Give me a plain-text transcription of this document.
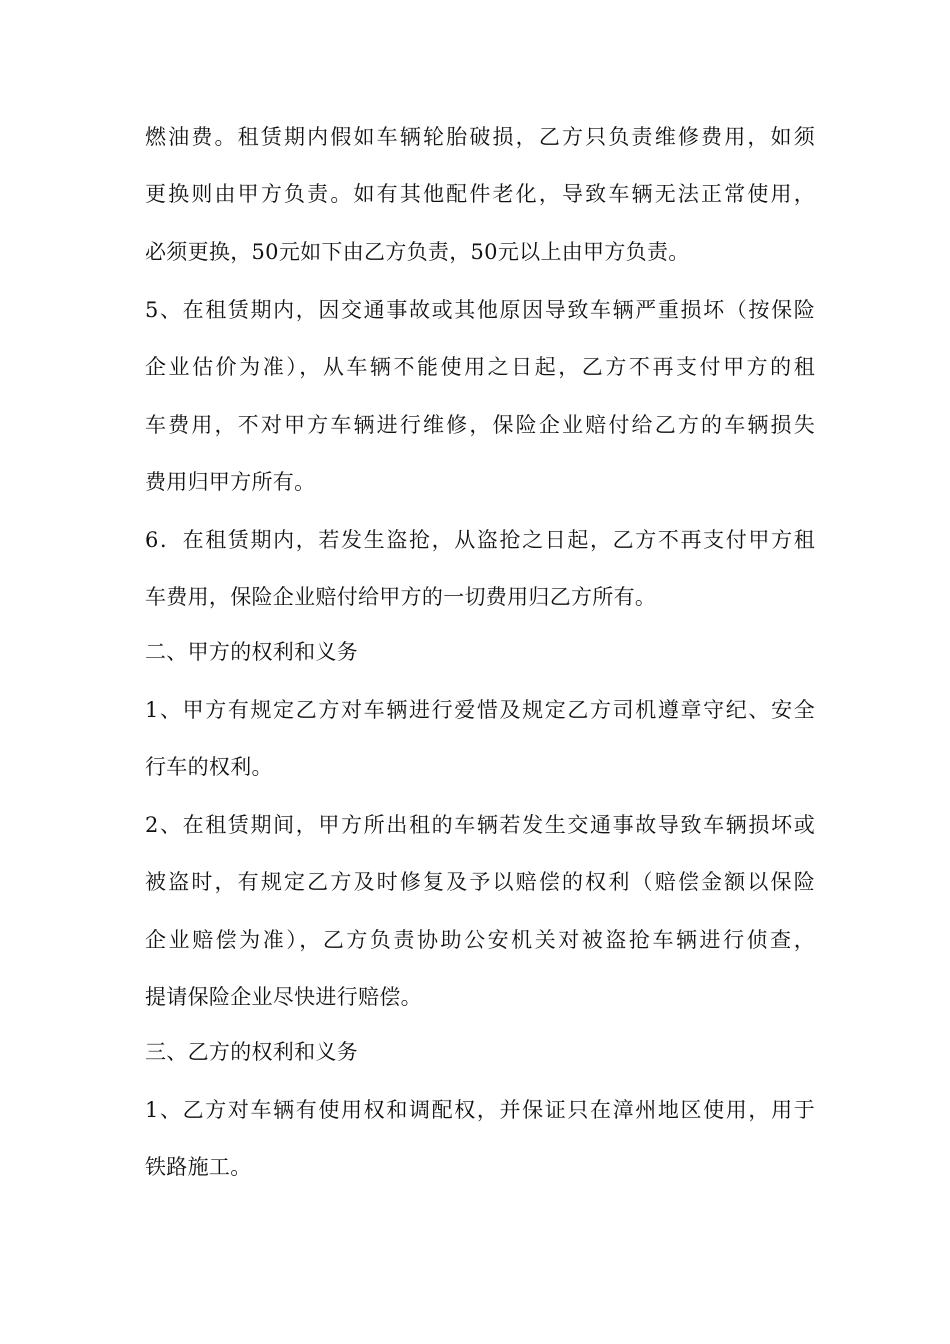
燃油费。租赁期内假如车辆轮胎破损，乙方只负责维修费用，如须
更换则由甲方负责。如有其他配件老化，导致车辆无法正常使用，
必须更换，50元如下由乙方负责，50元以上由甲方负责。
5、在租赁期内，因交通事故或其他原因导致车辆严重损坏（按保险
企业估价为准），从车辆不能使用之日起，乙方不再支付甲方的租
车费用，不对甲方车辆进行维修，保险企业赔付给乙方的车辆损失
费用归甲方所有。
6．在租赁期内，若发生盗抢，从盗抢之日起，乙方不再支付甲方租
车费用，保险企业赔付给甲方的一切费用归乙方所有。
二、甲方的权利和义务
1、甲方有规定乙方对车辆进行爱惜及规定乙方司机遵章守纪、安全
行车的权利。
2、在租赁期间，甲方所出租的车辆若发生交通事故导致车辆损坏或
被盗时，有规定乙方及时修复及予以赔偿的权利（赔偿金额以保险
企业赔偿为准），乙方负责协助公安机关对被盗抢车辆进行侦查，
提请保险企业尽快进行赔偿。
三、乙方的权利和义务
1、乙方对车辆有使用权和调配权，并保证只在漳州地区使用，用于
铁路施工。
